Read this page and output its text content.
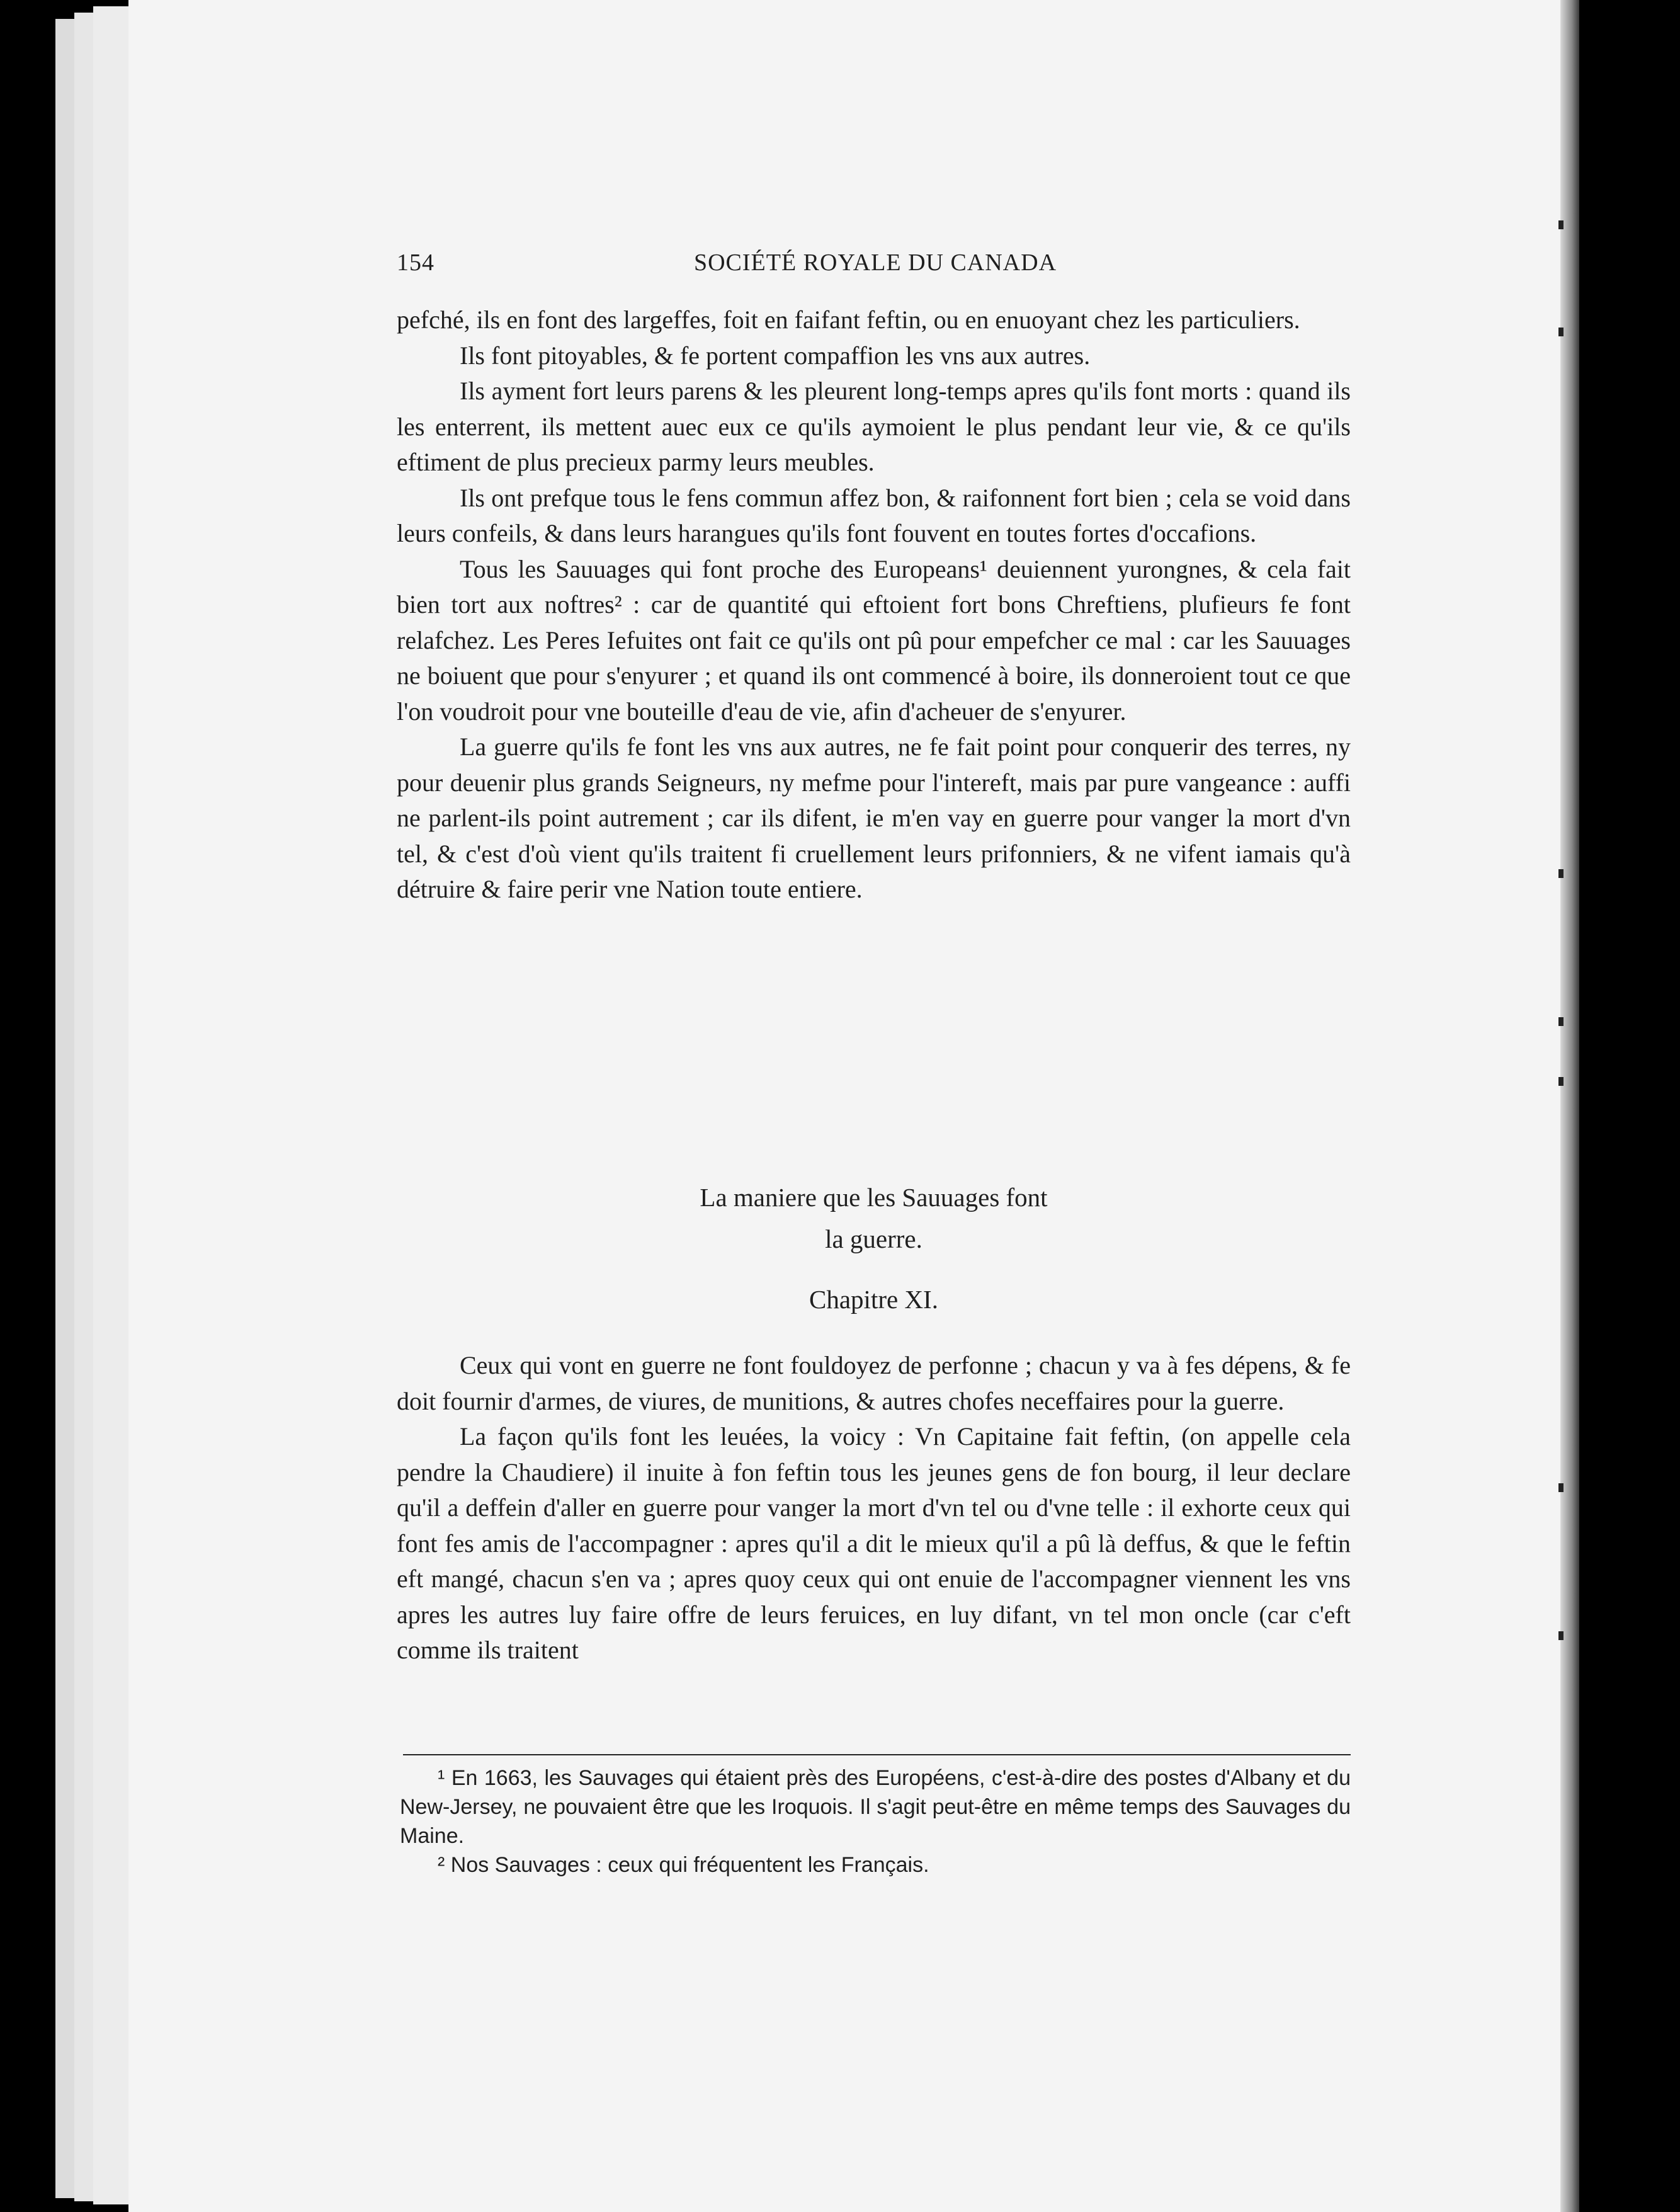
154	SOCIÉTÉ ROYALE DU CANADA

pefché, ils en font des largeffes, foit en faifant feftin, ou en enuoyant chez les particuliers.

Ils font pitoyables, & fe portent compaffion les vns aux autres.

Ils ayment fort leurs parens & les pleurent long-temps apres qu'ils font morts : quand ils les enterrent, ils mettent auec eux ce qu'ils aymoient le plus pendant leur vie, & ce qu'ils eftiment de plus precieux parmy leurs meubles.

Ils ont prefque tous le fens commun affez bon, & raifonnent fort bien ; cela se void dans leurs confeils, & dans leurs harangues qu'ils font fouvent en toutes fortes d'occafions.

Tous les Sauuages qui font proche des Europeans¹ deuiennent yurongnes, & cela fait bien tort aux noftres² : car de quantité qui eftoient fort bons Chreftiens, plufieurs fe font relafchez. Les Peres Iefuites ont fait ce qu'ils ont pû pour empefcher ce mal : car les Sauuages ne boiuent que pour s'enyurer ; et quand ils ont commencé à boire, ils donneroient tout ce que l'on voudroit pour vne bouteille d'eau de vie, afin d'acheuer de s'enyurer.

La guerre qu'ils fe font les vns aux autres, ne fe fait point pour conquerir des terres, ny pour deuenir plus grands Seigneurs, ny mefme pour l'intereft, mais par pure vangeance : auffi ne parlent-ils point autrement ; car ils difent, ie m'en vay en guerre pour vanger la mort d'vn tel, & c'est d'où vient qu'ils traitent fi cruellement leurs prifonniers, & ne vifent iamais qu'à détruire & faire perir vne Nation toute entiere.

La maniere que les Sauuages font
la guerre.
Chapitre XI.

Ceux qui vont en guerre ne font fouldoyez de perfonne ; chacun y va à fes dépens, & fe doit fournir d'armes, de viures, de munitions, & autres chofes neceffaires pour la guerre.

La façon qu'ils font les leuées, la voicy : Vn Capitaine fait feftin, (on appelle cela pendre la Chaudiere) il inuite à fon feftin tous les jeunes gens de fon bourg, il leur declare qu'il a deffein d'aller en guerre pour vanger la mort d'vn tel ou d'vne telle : il exhorte ceux qui font fes amis de l'accompagner : apres qu'il a dit le mieux qu'il a pû là deffus, & que le feftin eft mangé, chacun s'en va ; apres quoy ceux qui ont enuie de l'accompagner viennent les vns apres les autres luy faire offre de leurs feruices, en luy difant, vn tel mon oncle (car c'eft comme ils traitent

¹ En 1663, les Sauvages qui étaient près des Européens, c'est-à-dire des postes d'Albany et du New-Jersey, ne pouvaient être que les Iroquois. Il s'agit peut-être en même temps des Sauvages du Maine.

² Nos Sauvages : ceux qui fréquentent les Français.
